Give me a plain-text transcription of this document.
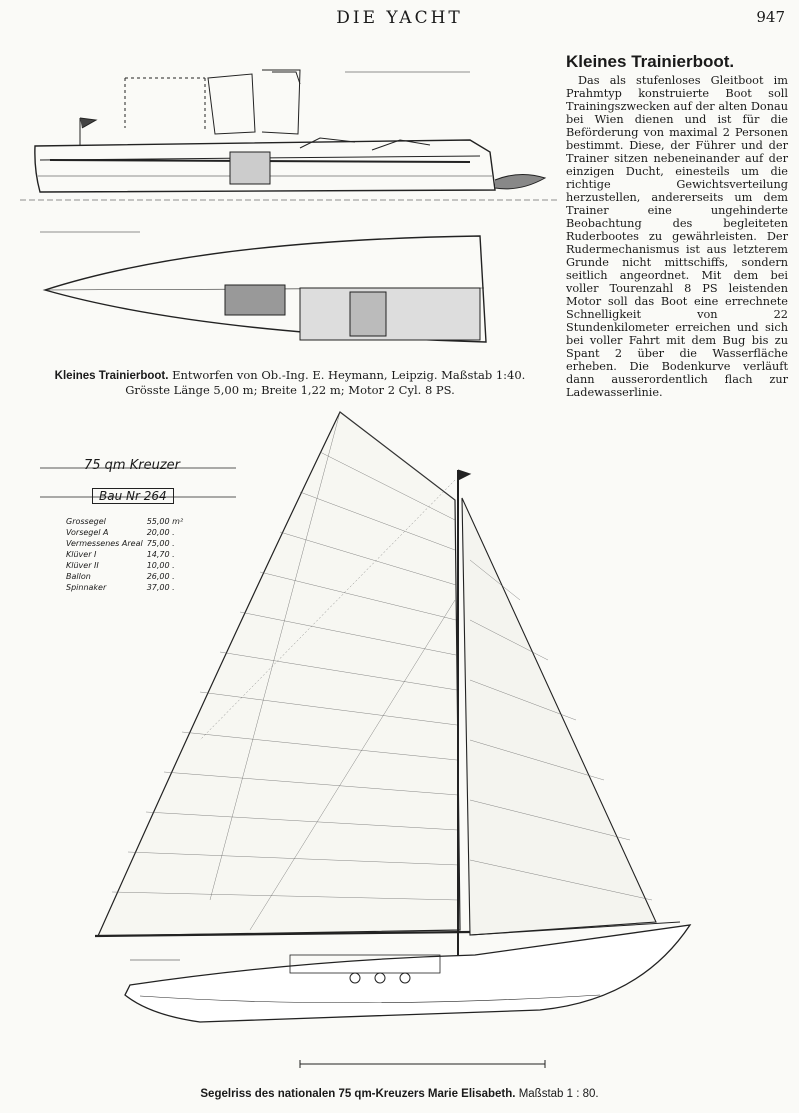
DIE YACHT	947
Kleines Trainierboot.
Das als stufenloses Gleitboot im Prahmtyp konstruierte Boot soll Trainingszwecken auf der alten Donau bei Wien dienen und ist für die Beförderung von maximal 2 Personen bestimmt. Diese, der Führer und der Trainer sitzen nebeneinander auf der einzigen Ducht, einesteils um die richtige Gewichtsverteilung herzustellen, andererseits um dem Trainer eine ungehinderte Beobachtung des begleiteten Ruderbootes zu gewährleisten. Der Rudermechanismus ist aus letzterem Grunde nicht mittschiffs, sondern seitlich angeordnet. Mit dem bei voller Tourenzahl 8 PS leistenden Motor soll das Boot eine errechnete Schnelligkeit von 22 Stundenkilometer erreichen und sich bei voller Fahrt mit dem Bug bis zu Spant 2 über die Wasserfläche erheben. Die Bodenkurve verläuft dann ausserordentlich flach zur Ladewasserlinie.
Kleines Trainierboot. Entworfen von Ob.-Ing. E. Heymann, Leipzig. Maßstab 1:40.
Grösste Länge 5,00 m; Breite 1,22 m; Motor 2 Cyl. 8 PS.
75 qm Kreuzer
Bau Nr 264
Grossegel	55,00 m²
Vorsegel A	20,00 .
Vermessenes Areal	75,00 .
Klüver I	14,70 .
Klüver II	10,00 .
Ballon	26,00 .
Spinnaker	37,00 .
Segelriss des nationalen 75 qm-Kreuzers Marie Elisabeth. Maßstab 1 : 80.
